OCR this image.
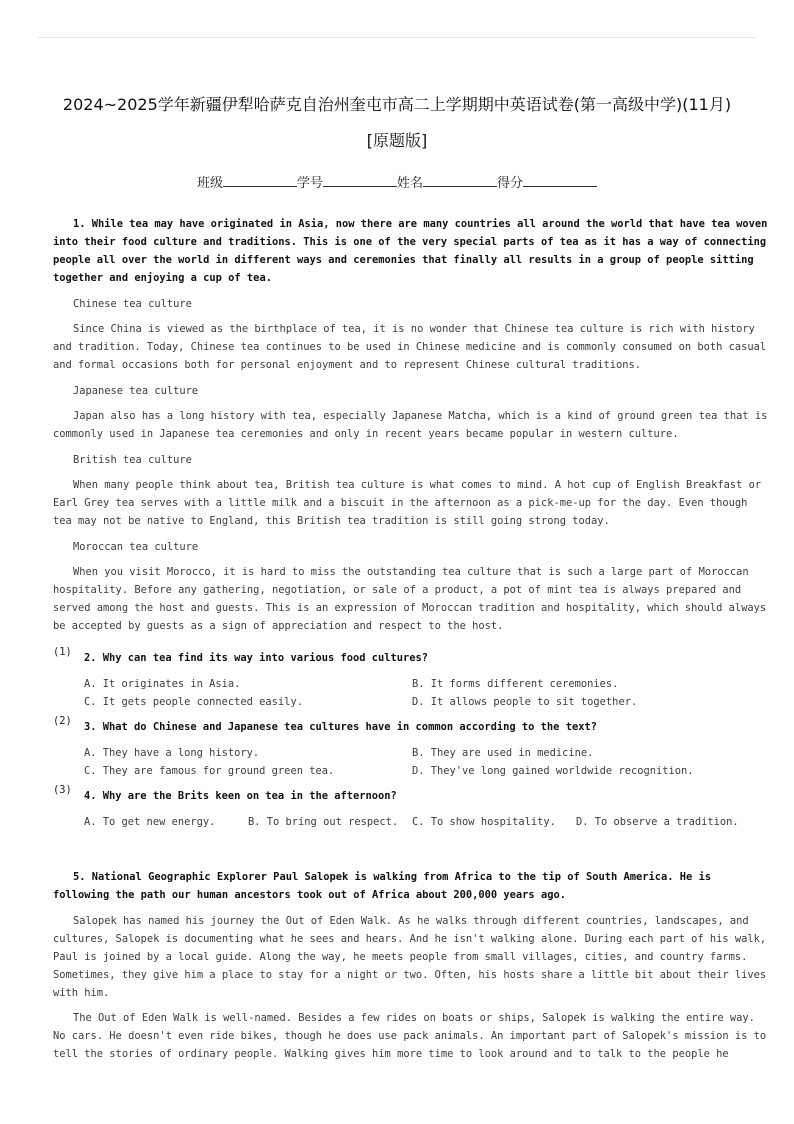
2024~2025学年新疆伊犁哈萨克自治州奎屯市高二上学期期中英语试卷(第一高级中学)(11月)
[原题版]
班级	学号	姓名	得分
1. While tea may have originated in Asia, now there are many countries all around the world that have tea woven
into their food culture and traditions. This is one of the very special parts of tea as it has a way of connecting
people all over the world in different ways and ceremonies that finally all results in a group of people sitting
together and enjoying a cup of tea.
Chinese tea culture
Since China is viewed as the birthplace of tea, it is no wonder that Chinese tea culture is rich with history
and tradition. Today, Chinese tea continues to be used in Chinese medicine and is commonly consumed on both casual
and formal occasions both for personal enjoyment and to represent Chinese cultural traditions.
Japanese tea culture
Japan also has a long history with tea, especially Japanese Matcha, which is a kind of ground green tea that is
commonly used in Japanese tea ceremonies and only in recent years became popular in western culture.
British tea culture
When many people think about tea, British tea culture is what comes to mind. A hot cup of English Breakfast or
Earl Grey tea serves with a little milk and a biscuit in the afternoon as a pick-me-up for the day. Even though
tea may not be native to England, this British tea tradition is still going strong today.
Moroccan tea culture
When you visit Morocco, it is hard to miss the outstanding tea culture that is such a large part of Moroccan
hospitality. Before any gathering, negotiation, or sale of a product, a pot of mint tea is always prepared and
served among the host and guests. This is an expression of Moroccan tradition and hospitality, which should always
be accepted by guests as a sign of appreciation and respect to the host.
(1) 2. Why can tea find its way into various food cultures?
A. It originates in Asia.	B. It forms different ceremonies.
C. It gets people connected easily.	D. It allows people to sit together.
(2) 3. What do Chinese and Japanese tea cultures have in common according to the text?
A. They have a long history.	B. They are used in medicine.
C. They are famous for ground green tea.	D. They've long gained worldwide recognition.
(3) 4. Why are the Brits keen on tea in the afternoon?
A. To get new energy.	B. To bring out respect. C. To show hospitality. D. To observe a tradition.
5. National Geographic Explorer Paul Salopek is walking from Africa to the tip of South America. He is
following the path our human ancestors took out of Africa about 200,000 years ago.
Salopek has named his journey the Out of Eden Walk. As he walks through different countries, landscapes, and
cultures, Salopek is documenting what he sees and hears. And he isn't walking alone. During each part of his walk,
Paul is joined by a local guide. Along the way, he meets people from small villages, cities, and country farms.
Sometimes, they give him a place to stay for a night or two. Often, his hosts share a little bit about their lives
with him.
The Out of Eden Walk is well-named. Besides a few rides on boats or ships, Salopek is walking the entire way.
No cars. He doesn't even ride bikes, though he does use pack animals. An important part of Salopek's mission is to
tell the stories of ordinary people. Walking gives him more time to look around and to talk to the people he
